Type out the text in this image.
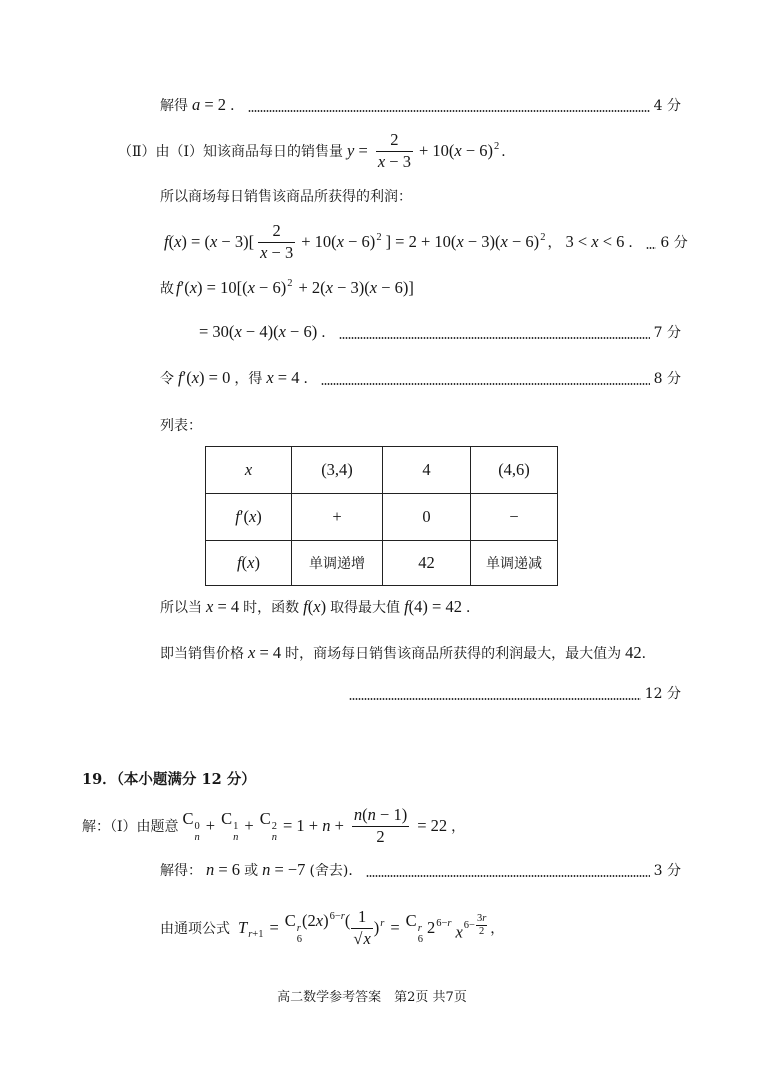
解得 a = 2 ．	4 分
（Ⅱ）由（Ⅰ）知该商品每日的销售量 $y = \frac{2}{x - 3} + 10(x - 6)^2$ ．
所以商场每日销售该商品所获得的利润：
$f(x) = (x - 3)[ \frac{2}{x - 3} + 10(x - 6)^2$ ] = $2 + 10(x - 3)(x - 6)^2$ ， 3 < x < 6 ． 6 分
故 $f'(x) = 10[(x - 6)^2 + 2(x - 3)(x - 6)]$
= 30(x − 4)(x − 6) ．	7 分
令 f′(x) = 0 ，得 x = 4 ．	8 分
列表：
x	(3,4)	4	(4,6)
f′(x)	+	0	−
f(x)	单调递增	42	单调递减
所以当 x = 4 时，函数 f(x) 取得最大值 f(4) = 42 ．
即当销售价格 x = 4 时，商场每日销售该商品所获得的利润最大，最大值为 42 ．
12 分
19．（本小题满分 12 分）
解：（Ⅰ）由题意 C 0
n
+ C 1
n
+ C 2
n
= $1 + n + \frac{n(n - 1)}{2} = 22$ ，
解得： n = 6 或 n = −7 (舍去) ．	3 分
由通项公式 $T_{r+1} = C$ r
6
$(2x)^{6-r}( \frac{1}{√x} )^r = C$ r
6
$2^{6-r}$ x $6- \frac{3r}{2}$ ，
高二数学参考答案　第2页 共7页
